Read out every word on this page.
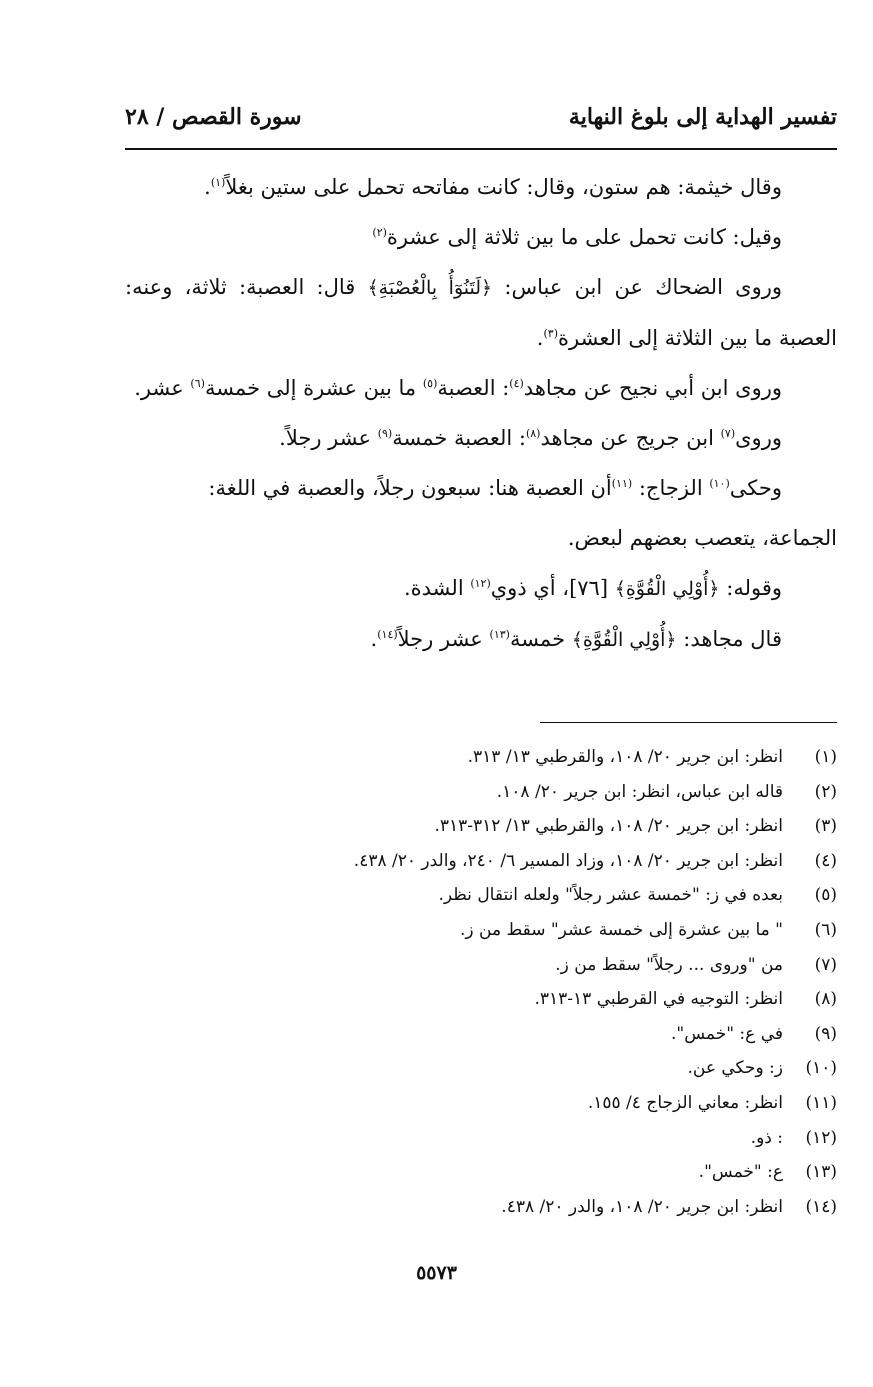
تفسير الهداية إلى بلوغ النهاية
سورة القصص / ٢٨

وقال خيثمة: هم ستون، وقال: كانت مفاتحه تحمل على ستين بغلاً$^{(١)}$.

وقيل: كانت تحمل على ما بين ثلاثة إلى عشرة$^{(٢)}$

وروى الضحاك عن ابن عباس: ﴿لَتَنُوٓأُ بِالْعُصْبَةِ﴾ قال: العصبة: ثلاثة، وعنه: العصبة ما بين الثلاثة إلى العشرة$^{(٣)}$.

وروى ابن أبي نجيح عن مجاهد$^{(٤)}$: العصبة$^{(٥)}$ ما بين عشرة إلى خمسة$^{(٦)}$ عشر.

وروى$^{(٧)}$ ابن جريج عن مجاهد$^{(٨)}$: العصبة خمسة$^{(٩)}$ عشر رجلاً.

وحكى$^{(١٠)}$ الزجاج: $^{(١١)}$أن العصبة هنا: سبعون رجلاً، والعصبة في اللغة:

الجماعة، يتعصب بعضهم لبعض.

وقوله: ﴿أُوْلِي الْقُوَّةِ﴾ [٧٦]، أي ذوي$^{(١٢)}$ الشدة.

قال مجاهد: ﴿أُوْلِي الْقُوَّةِ﴾ خمسة$^{(١٣)}$ عشر رجلاً$^{(١٤)}$.

(١)
انظر: ابن جرير ٢٠/ ١٠٨، والقرطبي ١٣/ ٣١٣.
(٢)
قاله ابن عباس، انظر: ابن جرير ٢٠/ ١٠٨.
(٣)
انظر: ابن جرير ٢٠/ ١٠٨، والقرطبي ١٣/ ٣١٢-٣١٣.
(٤)
انظر: ابن جرير ٢٠/ ١٠٨، وزاد المسير ٦/ ٢٤٠، والدر ٢٠/ ٤٣٨.
(٥)
بعده في ز: "خمسة عشر رجلاً" ولعله انتقال نظر.
(٦)
" ما بين عشرة إلى خمسة عشر" سقط من ز.
(٧)
من "وروى ... رجلاً" سقط من ز.
(٨)
انظر: التوجيه في القرطبي ١٣-٣١٣.
(٩)
في ع: "خمس".
(١٠)
ز: وحكي عن.
(١١)
انظر: معاني الزجاج ٤/ ١٥٥.
(١٢)
: ذو.
(١٣)
ع: "خمس".
(١٤)
انظر: ابن جرير ٢٠/ ١٠٨، والدر ٢٠/ ٤٣٨.
٥٥٧٣
